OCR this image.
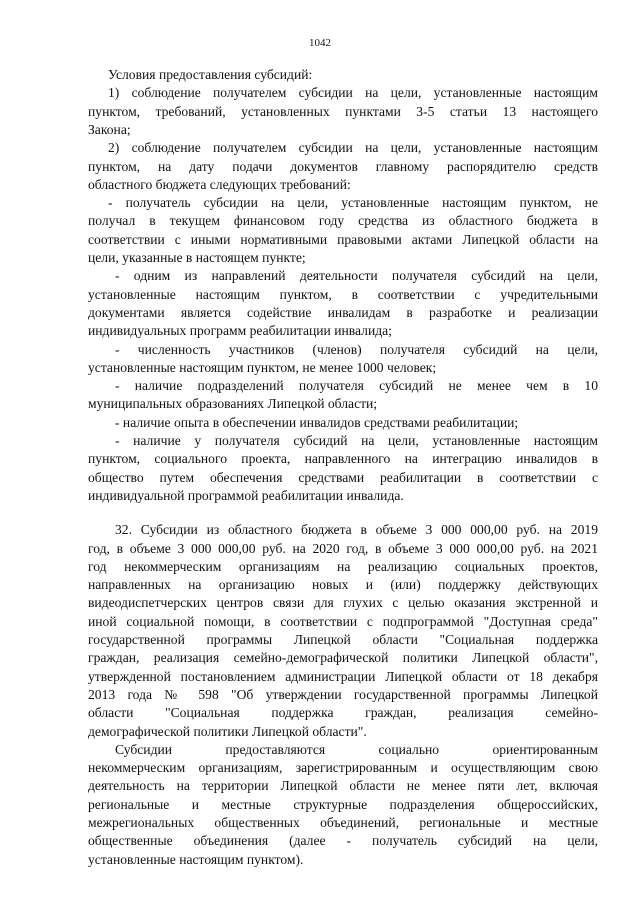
1042
Условия предоставления субсидий:
1) соблюдение получателем субсидии на цели, установленные настоящим
пунктом, требований, установленных пунктами 3-5 статьи 13 настоящего
Закона;
2) соблюдение получателем субсидии на цели, установленные настоящим
пунктом, на дату подачи документов главному распорядителю средств
областного бюджета следующих требований:
- получатель субсидии на цели, установленные настоящим пунктом, не
получал в текущем финансовом году средства из областного бюджета в
соответствии с иными нормативными правовыми актами Липецкой области на
цели, указанные в настоящем пункте;
- одним из направлений деятельности получателя субсидий на цели,
установленные настоящим пунктом, в соответствии с учредительными
документами является содействие инвалидам в разработке и реализации
индивидуальных программ реабилитации инвалида;
- численность участников (членов) получателя субсидий на цели,
установленные настоящим пунктом, не менее 1000 человек;
- наличие подразделений получателя субсидий не менее чем в 10
муниципальных образованиях Липецкой области;
- наличие опыта в обеспечении инвалидов средствами реабилитации;
- наличие у получателя субсидий на цели, установленные настоящим
пунктом, социального проекта, направленного на интеграцию инвалидов в
общество путем обеспечения средствами реабилитации в соответствии с
индивидуальной программой реабилитации инвалида.
32. Субсидии из областного бюджета в объеме 3 000 000,00 руб. на 2019
год, в объеме 3 000 000,00 руб. на 2020 год, в объеме 3 000 000,00 руб. на 2021
год некоммерческим организациям на реализацию социальных проектов,
направленных на организацию новых и (или) поддержку действующих
видеодиспетчерских центров связи для глухих с целью оказания экстренной и
иной социальной помощи, в соответствии с подпрограммой "Доступная среда"
государственной программы Липецкой области "Социальная поддержка
граждан, реализация семейно-демографической политики Липецкой области",
утвержденной постановлением администрации Липецкой области от 18 декабря
2013 года № 598 "Об утверждении государственной программы Липецкой
области "Социальная поддержка граждан, реализация семейно-
демографической политики Липецкой области".
Субсидии предоставляются социально ориентированным
некоммерческим организациям, зарегистрированным и осуществляющим свою
деятельность на территории Липецкой области не менее пяти лет, включая
региональные и местные структурные подразделения общероссийских,
межрегиональных общественных объединений, региональные и местные
общественные объединения (далее - получатель субсидий на цели,
установленные настоящим пунктом).
